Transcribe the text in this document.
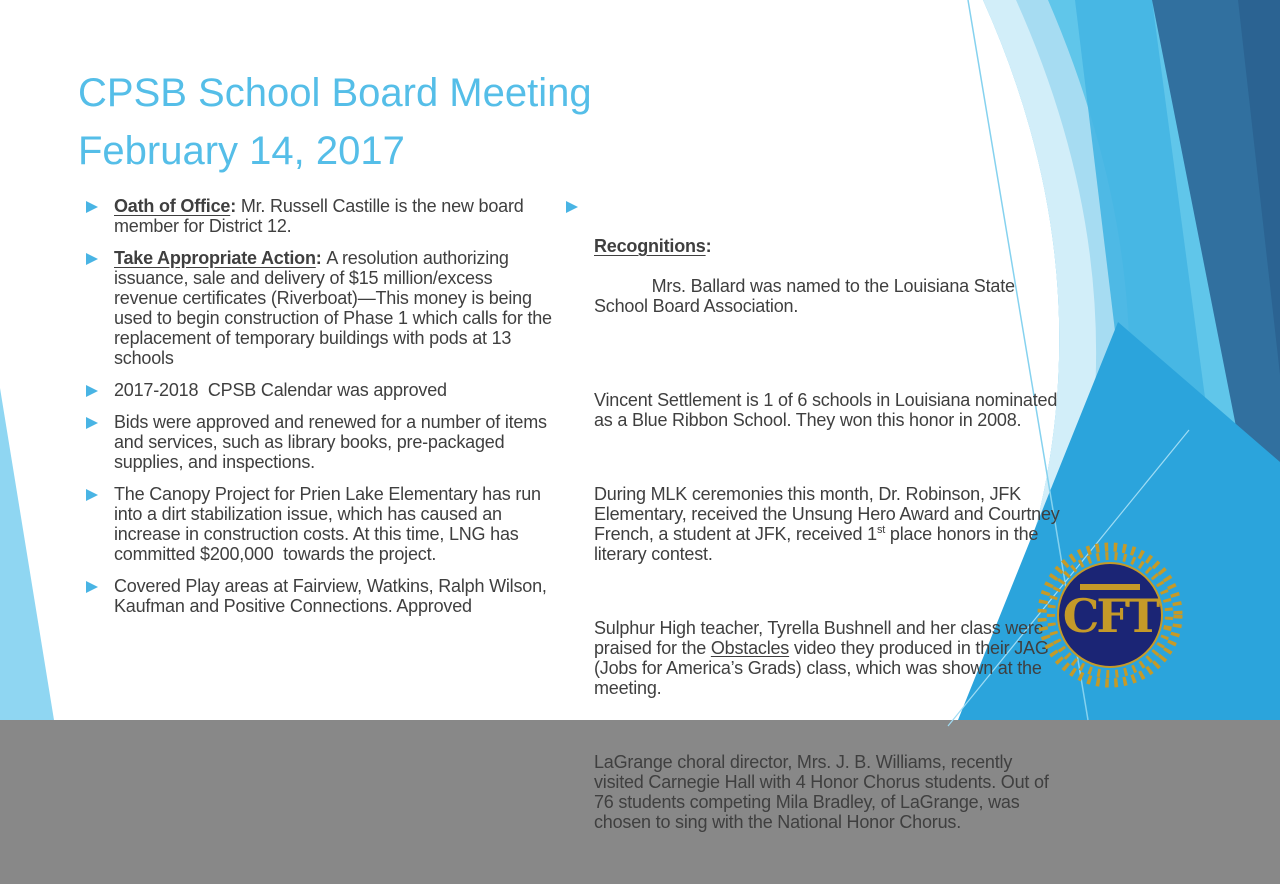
CPSB School Board Meeting
February 14, 2017
Oath of Office: Mr. Russell Castille is the new board member for District 12.
Take Appropriate Action: A resolution authorizing issuance, sale and delivery of $15 million/excess revenue certificates (Riverboat)—This money is being used to begin construction of Phase 1 which calls for the replacement of temporary buildings with pods at 13 schools
2017-2018  CPSB Calendar was approved
Bids were approved and renewed for a number of items and services, such as library books, pre-packaged supplies, and inspections.
The Canopy Project for Prien Lake Elementary has run into a dirt stabilization issue, which has caused an increase in construction costs. At this time, LNG has committed $200,000  towards the project.
Covered Play areas at Fairview, Watkins, Ralph Wilson, Kaufman and Positive Connections. Approved

Recognitions:

Mrs. Ballard was named to the Louisiana State School Board Association.

Vincent Settlement is 1 of 6 schools in Louisiana nominated as a Blue Ribbon School. They won this honor in 2008.

During MLK ceremonies this month, Dr. Robinson, JFK Elementary, received the Unsung Hero Award and Courtney French, a student at JFK, received 1st place honors in the literary contest.

Sulphur High teacher, Tyrella Bushnell and her class were praised for the Obstacles video they produced in their JAG (Jobs for America’s Grads) class, which was shown at the meeting.

LaGrange choral director, Mrs. J. B. Williams, recently visited Carnegie Hall with 4 Honor Chorus students. Out of 76 students competing Mila Bradley, of LaGrange, was chosen to sing with the National Honor Chorus.

CFT
